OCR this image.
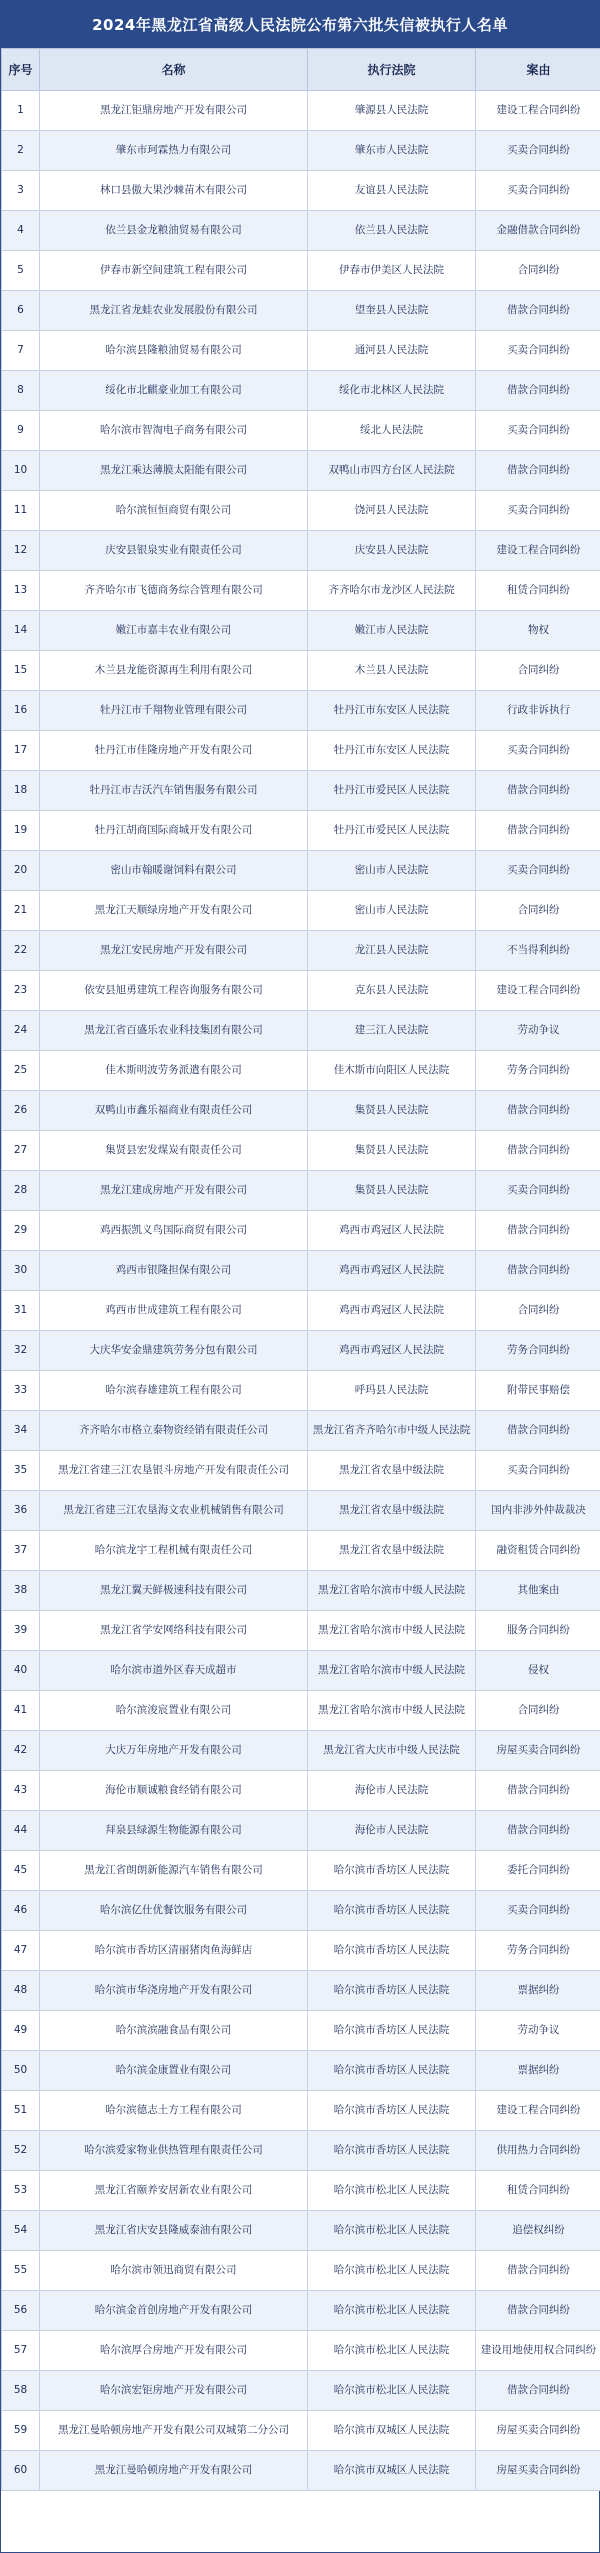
2024年黑龙江省高级人民法院公布第六批失信被执行人名单
序号	名称	执行法院	案由
1	黑龙江钜鼎房地产开发有限公司	肇源县人民法院	建设工程合同纠纷
2	肇东市珂霖热力有限公司	肇东市人民法院	买卖合同纠纷
3	林口县傲大果沙棘苗木有限公司	友谊县人民法院	买卖合同纠纷
4	依兰县金龙粮油贸易有限公司	依兰县人民法院	金融借款合同纠纷
5	伊春市新空间建筑工程有限公司	伊春市伊美区人民法院	合同纠纷
6	黑龙江省龙蛙农业发展股份有限公司	望奎县人民法院	借款合同纠纷
7	哈尔滨县隆粮油贸易有限公司	通河县人民法院	买卖合同纠纷
8	绥化市北麒豪业加工有限公司	绥化市北林区人民法院	借款合同纠纷
9	哈尔滨市智淘电子商务有限公司	绥北人民法院	买卖合同纠纷
10	黑龙江乘达薄膜太阳能有限公司	双鸭山市四方台区人民法院	借款合同纠纷
11	哈尔滨恒恒商贸有限公司	饶河县人民法院	买卖合同纠纷
12	庆安县银泉实业有限责任公司	庆安县人民法院	建设工程合同纠纷
13	齐齐哈尔市飞德商务综合管理有限公司	齐齐哈尔市龙沙区人民法院	租赁合同纠纷
14	嫩江市嘉丰农业有限公司	嫩江市人民法院	物权
15	木兰县龙能资源再生利用有限公司	木兰县人民法院	合同纠纷
16	牡丹江市千翔物业管理有限公司	牡丹江市东安区人民法院	行政非诉执行
17	牡丹江市佳隆房地产开发有限公司	牡丹江市东安区人民法院	买卖合同纠纷
18	牡丹江市吉沃汽车销售服务有限公司	牡丹江市爱民区人民法院	借款合同纠纷
19	牡丹江胡商国际商城开发有限公司	牡丹江市爱民区人民法院	借款合同纠纷
20	密山市翰暖谢饲料有限公司	密山市人民法院	买卖合同纠纷
21	黑龙江天顺绿房地产开发有限公司	密山市人民法院	合同纠纷
22	黑龙江安民房地产开发有限公司	龙江县人民法院	不当得利纠纷
23	依安县旭勇建筑工程咨询服务有限公司	克东县人民法院	建设工程合同纠纷
24	黑龙江省百盛乐农业科技集团有限公司	建三江人民法院	劳动争议
25	佳木斯明波劳务派遣有限公司	佳木斯市向阳区人民法院	劳务合同纠纷
26	双鸭山市鑫乐福商业有限责任公司	集贤县人民法院	借款合同纠纷
27	集贤县宏发煤炭有限责任公司	集贤县人民法院	借款合同纠纷
28	黑龙江建成房地产开发有限公司	集贤县人民法院	买卖合同纠纷
29	鸡西振凯义鸟国际商贸有限公司	鸡西市鸡冠区人民法院	借款合同纠纷
30	鸡西市银隆担保有限公司	鸡西市鸡冠区人民法院	借款合同纠纷
31	鸡西市世成建筑工程有限公司	鸡西市鸡冠区人民法院	合同纠纷
32	大庆华安金鼎建筑劳务分包有限公司	鸡西市鸡冠区人民法院	劳务合同纠纷
33	哈尔滨春雄建筑工程有限公司	呼玛县人民法院	附带民事赔偿
34	齐齐哈尔市格立泰物资经销有限责任公司	黑龙江省齐齐哈尔市中级人民法院	借款合同纠纷
35	黑龙江省建三江农垦银斗房地产开发有限责任公司	黑龙江省农垦中级法院	买卖合同纠纷
36	黑龙江省建三江农垦海文农业机械销售有限公司	黑龙江省农垦中级法院	国内非涉外仲裁裁决
37	哈尔滨龙宇工程机械有限责任公司	黑龙江省农垦中级法院	融资租赁合同纠纷
38	黑龙江翼天鲜极速科技有限公司	黑龙江省哈尔滨市中级人民法院	其他案由
39	黑龙江省学安网络科技有限公司	黑龙江省哈尔滨市中级人民法院	服务合同纠纷
40	哈尔滨市道外区春天成超市	黑龙江省哈尔滨市中级人民法院	侵权
41	哈尔滨浚宸置业有限公司	黑龙江省哈尔滨市中级人民法院	合同纠纷
42	大庆万年房地产开发有限公司	黑龙江省大庆市中级人民法院	房屋买卖合同纠纷
43	海伦市顺诚粮食经销有限公司	海伦市人民法院	借款合同纠纷
44	拜泉县绿源生物能源有限公司	海伦市人民法院	借款合同纠纷
45	黑龙江省朗朗新能源汽车销售有限公司	哈尔滨市香坊区人民法院	委托合同纠纷
46	哈尔滨亿仕优餐饮服务有限公司	哈尔滨市香坊区人民法院	买卖合同纠纷
47	哈尔滨市香坊区清丽猪肉鱼海鲜店	哈尔滨市香坊区人民法院	劳务合同纠纷
48	哈尔滨市华浇房地产开发有限公司	哈尔滨市香坊区人民法院	票据纠纷
49	哈尔滨滨融食品有限公司	哈尔滨市香坊区人民法院	劳动争议
50	哈尔滨金康置业有限公司	哈尔滨市香坊区人民法院	票据纠纷
51	哈尔滨德志土方工程有限公司	哈尔滨市香坊区人民法院	建设工程合同纠纷
52	哈尔滨爱家物业供热管理有限责任公司	哈尔滨市香坊区人民法院	供用热力合同纠纷
53	黑龙江省颐养安居新农业有限公司	哈尔滨市松北区人民法院	租赁合同纠纷
54	黑龙江省庆安县隆威泰油有限公司	哈尔滨市松北区人民法院	追偿权纠纷
55	哈尔滨市领迅商贸有限公司	哈尔滨市松北区人民法院	借款合同纠纷
56	哈尔滨金首创房地产开发有限公司	哈尔滨市松北区人民法院	借款合同纠纷
57	哈尔滨厚合房地产开发有限公司	哈尔滨市松北区人民法院	建设用地使用权合同纠纷
58	哈尔滨宏钜房地产开发有限公司	哈尔滨市松北区人民法院	借款合同纠纷
59	黑龙江曼哈顿房地产开发有限公司双城第二分公司	哈尔滨市双城区人民法院	房屋买卖合同纠纷
60	黑龙江曼哈顿房地产开发有限公司	哈尔滨市双城区人民法院	房屋买卖合同纠纷
